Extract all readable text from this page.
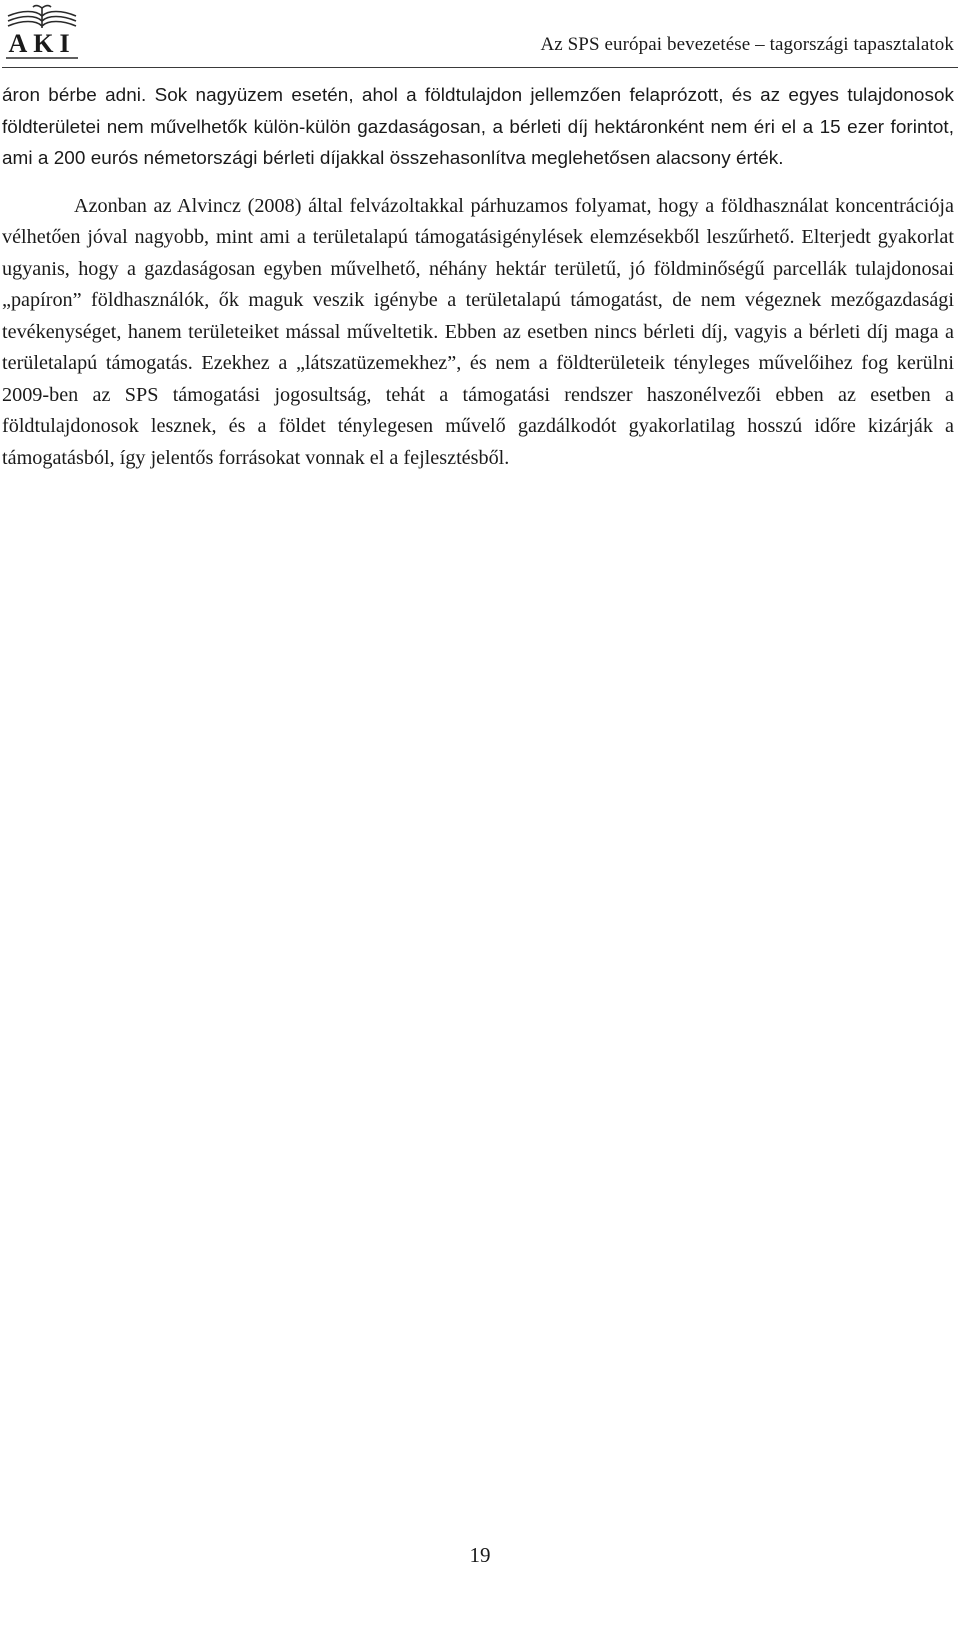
AKI	Az SPS európai bevezetése – tagországi tapasztalatok

áron bérbe adni. Sok nagyüzem esetén, ahol a földtulajdon jellemzően felaprózott, és az egyes tulajdonosok földterületei nem művelhetők külön-külön gazdaságosan, a bérleti díj hektáronként nem éri el a 15 ezer forintot, ami a 200 eurós németországi bérleti díjakkal összehasonlítva meglehetősen alacsony érték.

Azonban az Alvincz (2008) által felvázoltakkal párhuzamos folyamat, hogy a földhasználat koncentrációja vélhetően jóval nagyobb, mint ami a területalapú támogatásigénylések elemzésekből leszűrhető. Elterjedt gyakorlat ugyanis, hogy a gazdaságosan egyben művelhető, néhány hektár területű, jó földminőségű parcellák tulajdonosai „papíron” földhasználók, ők maguk veszik igénybe a területalapú támogatást, de nem végeznek mezőgazdasági tevékenységet, hanem területeiket mással műveltetik. Ebben az esetben nincs bérleti díj, vagyis a bérleti díj maga a területalapú támogatás. Ezekhez a „látszatüzemekhez”, és nem a földterületeik tényleges művelőihez fog kerülni 2009-ben az SPS támogatási jogosultság, tehát a támogatási rendszer haszonélvezői ebben az esetben a földtulajdonosok lesznek, és a földet ténylegesen művelő gazdálkodót gyakorlatilag hosszú időre kizárják a támogatásból, így jelentős forrásokat vonnak el a fejlesztésből.

19
